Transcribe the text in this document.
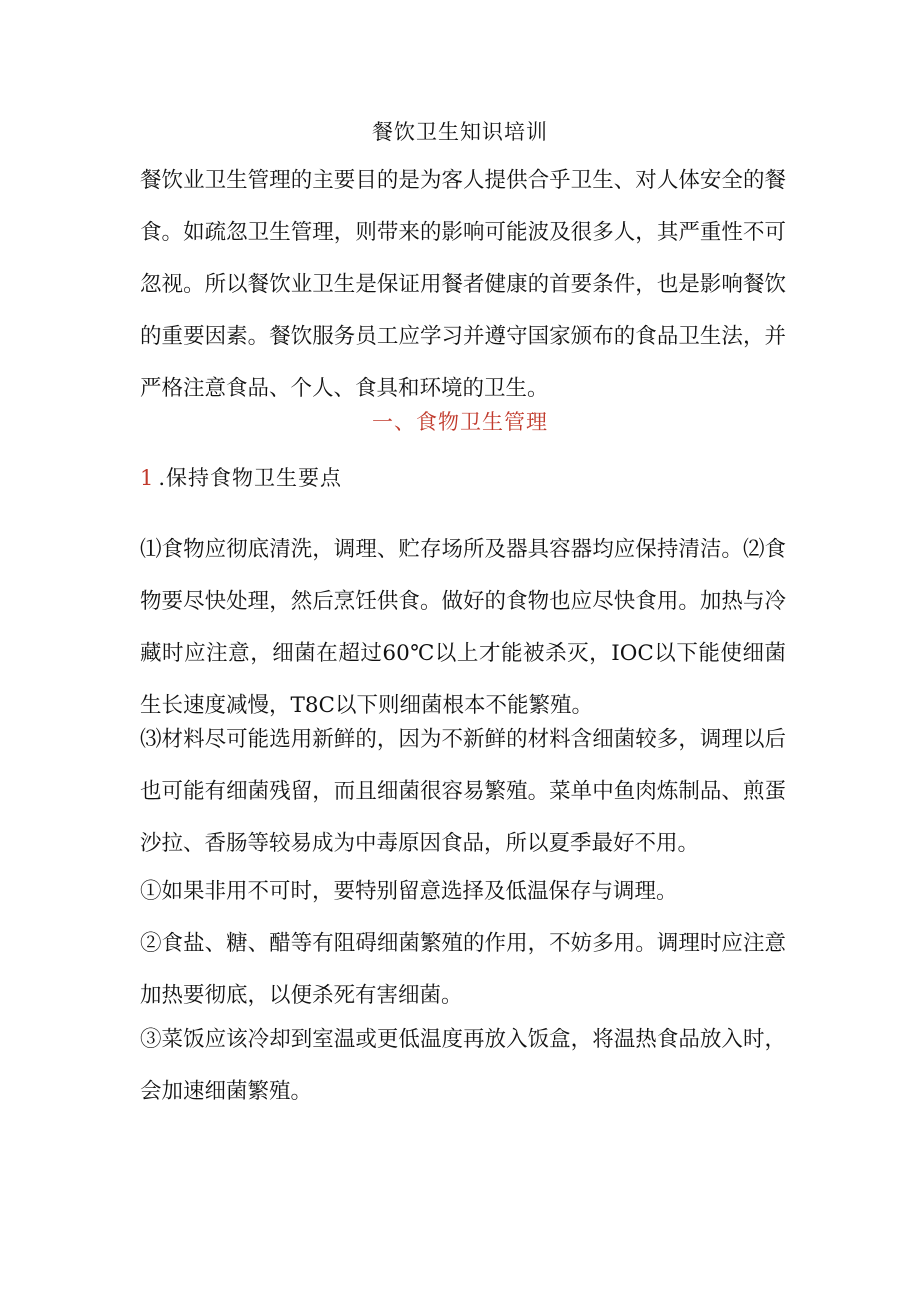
餐饮卫生知识培训

餐饮业卫生管理的主要目的是为客人提供合乎卫生、对人体安全的餐食。如疏忽卫生管理，则带来的影响可能波及很多人，其严重性不可忽视。所以餐饮业卫生是保证用餐者健康的首要条件，也是影响餐饮的重要因素。餐饮服务员工应学习并遵守国家颁布的食品卫生法，并严格注意食品、个人、食具和环境的卫生。

一、食物卫生管理
1 .保持食物卫生要点

⑴食物应彻底清洗，调理、贮存场所及器具容器均应保持清洁。⑵食物要尽快处理，然后烹饪供食。做好的食物也应尽快食用。加热与冷藏时应注意，细菌在超过60℃以上才能被杀灭，IOC以下能使细菌生长速度减慢，T8C以下则细菌根本不能繁殖。

⑶材料尽可能选用新鲜的，因为不新鲜的材料含细菌较多，调理以后也可能有细菌残留，而且细菌很容易繁殖。菜单中鱼肉炼制品、煎蛋沙拉、香肠等较易成为中毒原因食品，所以夏季最好不用。

①如果非用不可时，要特别留意选择及低温保存与调理。

②食盐、糖、醋等有阻碍细菌繁殖的作用，不妨多用。调理时应注意加热要彻底，以便杀死有害细菌。

③菜饭应该冷却到室温或更低温度再放入饭盒，将温热食品放入时，会加速细菌繁殖。
